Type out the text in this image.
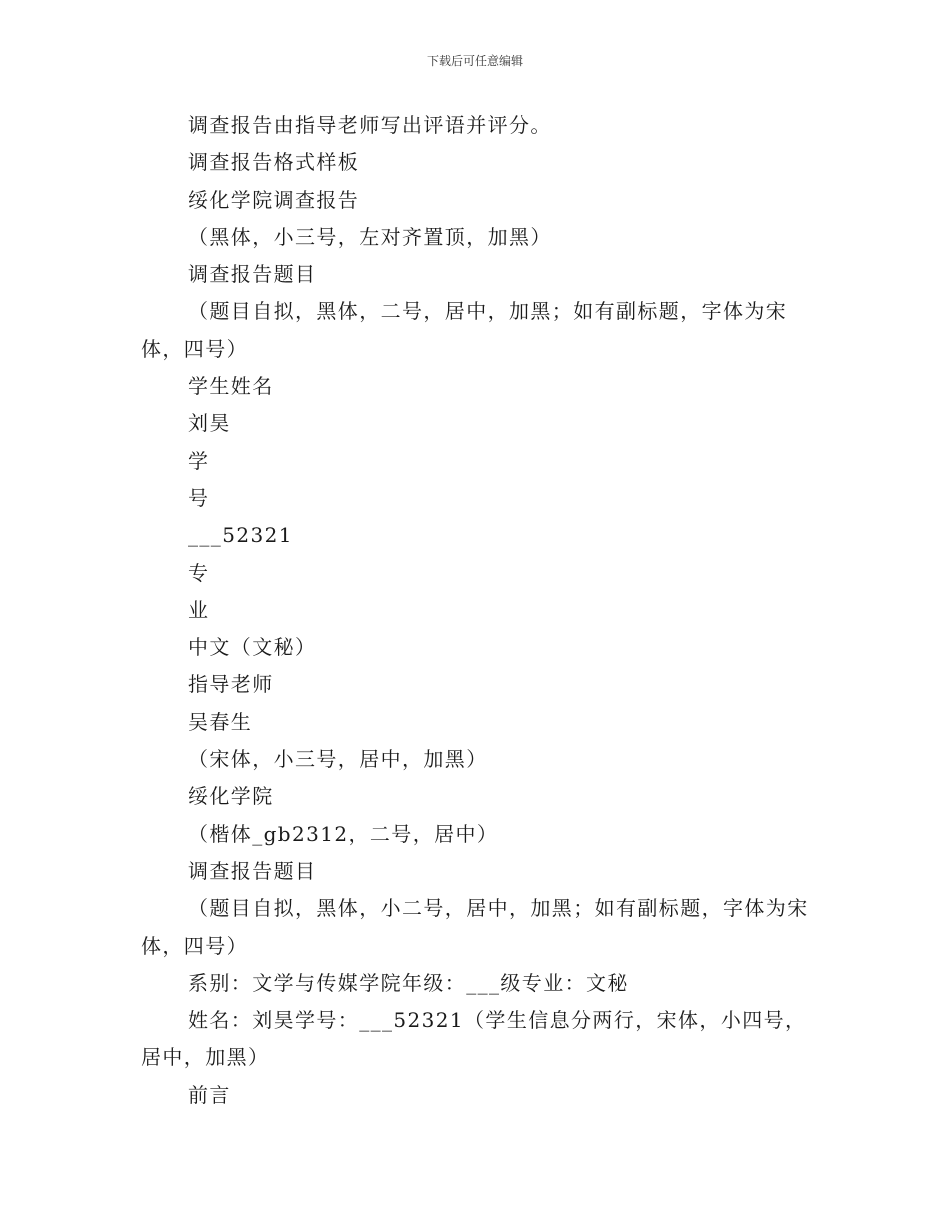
下载后可任意编辑

调查报告由指导老师写出评语并评分。

调查报告格式样板

绥化学院调查报告

（黑体，小三号，左对齐置顶，加黑）

调查报告题目

（题目自拟，黑体，二号，居中，加黑；如有副标题，字体为宋体，四号）

学生姓名

刘昊

学

号

___52321

专

业

中文（文秘）

指导老师

吴春生

（宋体，小三号，居中，加黑）

绥化学院

（楷体_gb2312，二号，居中）

调查报告题目

（题目自拟，黑体，小二号，居中，加黑；如有副标题，字体为宋体，四号）

系别：文学与传媒学院年级：___级专业：文秘

姓名：刘昊学号：___52321（学生信息分两行，宋体，小四号，居中，加黑）

前言
